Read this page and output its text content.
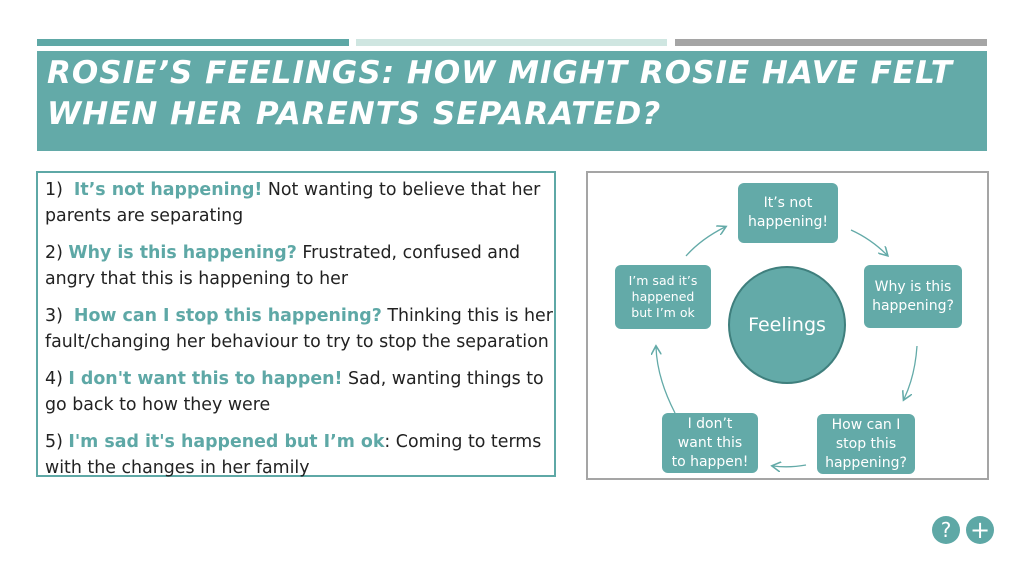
ROSIE’S FEELINGS: HOW MIGHT ROSIE HAVE FELT
WHEN HER PARENTS SEPARATED?

1) It’s not happening! Not wanting to believe that her parents are separating

2) Why is this happening? Frustrated, confused and angry that this is happening to her

3) How can I stop this happening? Thinking this is her fault/changing her behaviour to try to stop the separation

4) I don't want this to happen! Sad, wanting things to go back to how they were

5) I'm sad it's happened but I’m ok: Coming to terms with the changes in her family

It’s not
happening!
Why is this
happening?
How can I
stop this
happening?
I don’t
want this
to happen!
I’m sad it’s
happened
but I’m ok
Feelings
? +
